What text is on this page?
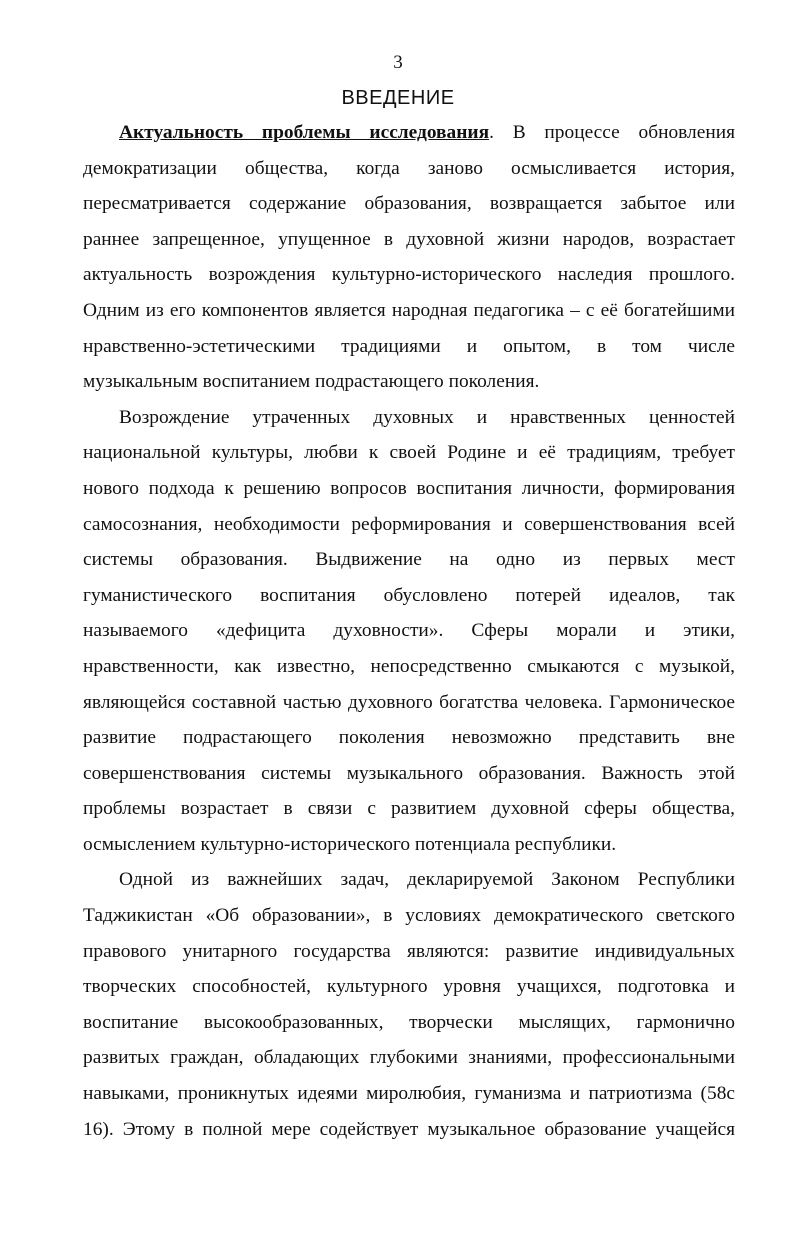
3
ВВЕДЕНИЕ
Актуальность проблемы исследования. В процессе обновления
демократизации общества, когда заново осмысливается история,
пересматривается содержание образования, возвращается забытое или
раннее запрещенное, упущенное в духовной жизни народов, возрастает
актуальность возрождения культурно-исторического наследия прошлого.
Одним из его компонентов является народная педагогика – с её богатейшими
нравственно-эстетическими традициями и опытом, в том числе
музыкальным воспитанием подрастающего поколения.
Возрождение утраченных духовных и нравственных ценностей
национальной культуры, любви к своей Родине и её традициям, требует
нового подхода к решению вопросов воспитания личности, формирования
самосознания, необходимости реформирования и совершенствования всей
системы образования. Выдвижение на одно из первых мест
гуманистического воспитания обусловлено потерей идеалов, так
называемого «дефицита духовности». Сферы морали и этики,
нравственности, как известно, непосредственно смыкаются с музыкой,
являющейся составной частью духовного богатства человека. Гармоническое
развитие подрастающего поколения невозможно представить вне
совершенствования системы музыкального образования. Важность этой
проблемы возрастает в связи с развитием духовной сферы общества,
осмыслением культурно-исторического потенциала республики.
Одной из важнейших задач, декларируемой Законом Республики
Таджикистан «Об образовании», в условиях демократического светского
правового унитарного государства являются: развитие индивидуальных
творческих способностей, культурного уровня учащихся, подготовка и
воспитание высокообразованных, творчески мыслящих, гармонично
развитых граждан, обладающих глубокими знаниями, профессиональными
навыками, проникнутых идеями миролюбия, гуманизма и патриотизма (58с
16). Этому в полной мере содействует музыкальное образование учащейся
